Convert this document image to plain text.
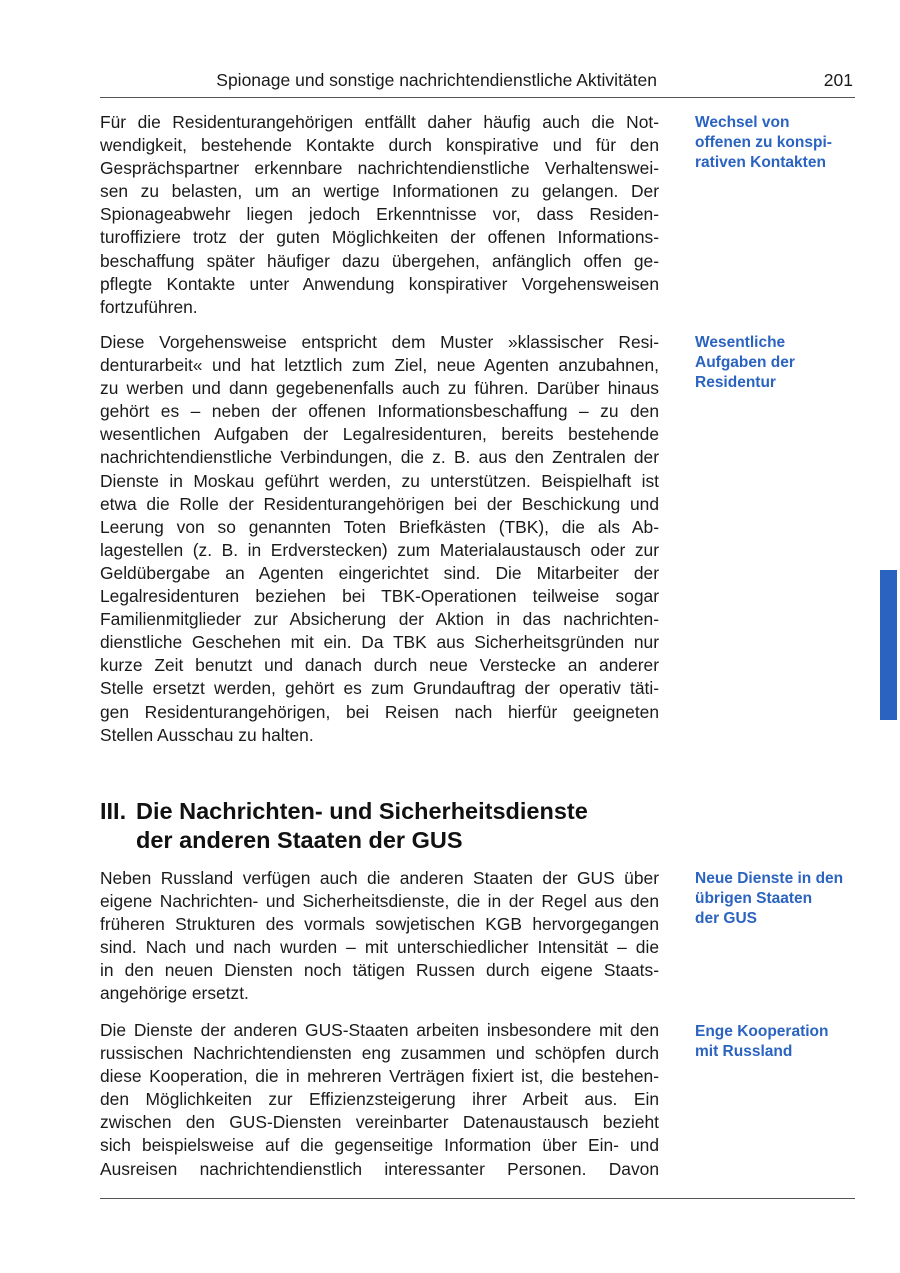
Spionage und sonstige nachrichtendienstliche Aktivitäten	201

Für die Residenturangehörigen entfällt daher häufig auch die Not-
wendigkeit, bestehende Kontakte durch konspirative und für den
Gesprächspartner erkennbare nachrichtendienstliche Verhaltenswei-
sen zu belasten, um an wertige Informationen zu gelangen. Der
Spionageabwehr liegen jedoch Erkenntnisse vor, dass Residen-
turoffiziere trotz der guten Möglichkeiten der offenen Informations-
beschaffung später häufiger dazu übergehen, anfänglich offen ge-
pflegte Kontakte unter Anwendung konspirativer Vorgehensweisen
fortzuführen.

Diese Vorgehensweise entspricht dem Muster »klassischer Resi-
denturarbeit« und hat letztlich zum Ziel, neue Agenten anzubahnen,
zu werben und dann gegebenenfalls auch zu führen. Darüber hinaus
gehört es – neben der offenen Informationsbeschaffung – zu den
wesentlichen Aufgaben der Legalresidenturen, bereits bestehende
nachrichtendienstliche Verbindungen, die z. B. aus den Zentralen der
Dienste in Moskau geführt werden, zu unterstützen. Beispielhaft ist
etwa die Rolle der Residenturangehörigen bei der Beschickung und
Leerung von so genannten Toten Briefkästen (TBK), die als Ab-
lagestellen (z. B. in Erdverstecken) zum Materialaustausch oder zur
Geldübergabe an Agenten eingerichtet sind. Die Mitarbeiter der
Legalresidenturen beziehen bei TBK-Operationen teilweise sogar
Familienmitglieder zur Absicherung der Aktion in das nachrichten-
dienstliche Geschehen mit ein. Da TBK aus Sicherheitsgründen nur
kurze Zeit benutzt und danach durch neue Verstecke an anderer
Stelle ersetzt werden, gehört es zum Grundauftrag der operativ täti-
gen Residenturangehörigen, bei Reisen nach hierfür geeigneten
Stellen Ausschau zu halten.

III. Die Nachrichten- und Sicherheitsdienste
der anderen Staaten der GUS

Neben Russland verfügen auch die anderen Staaten der GUS über
eigene Nachrichten- und Sicherheitsdienste, die in der Regel aus den
früheren Strukturen des vormals sowjetischen KGB hervorgegangen
sind. Nach und nach wurden – mit unterschiedlicher Intensität – die
in den neuen Diensten noch tätigen Russen durch eigene Staats-
angehörige ersetzt.

Die Dienste der anderen GUS-Staaten arbeiten insbesondere mit den
russischen Nachrichtendiensten eng zusammen und schöpfen durch
diese Kooperation, die in mehreren Verträgen fixiert ist, die bestehen-
den Möglichkeiten zur Effizienzsteigerung ihrer Arbeit aus. Ein
zwischen den GUS-Diensten vereinbarter Datenaustausch bezieht
sich beispielsweise auf die gegenseitige Information über Ein- und
Ausreisen nachrichtendienstlich interessanter Personen. Davon

Wechsel von
offenen zu konspi-
rativen Kontakten

Wesentliche
Aufgaben der
Residentur

Neue Dienste in den
übrigen Staaten
der GUS

Enge Kooperation
mit Russland
